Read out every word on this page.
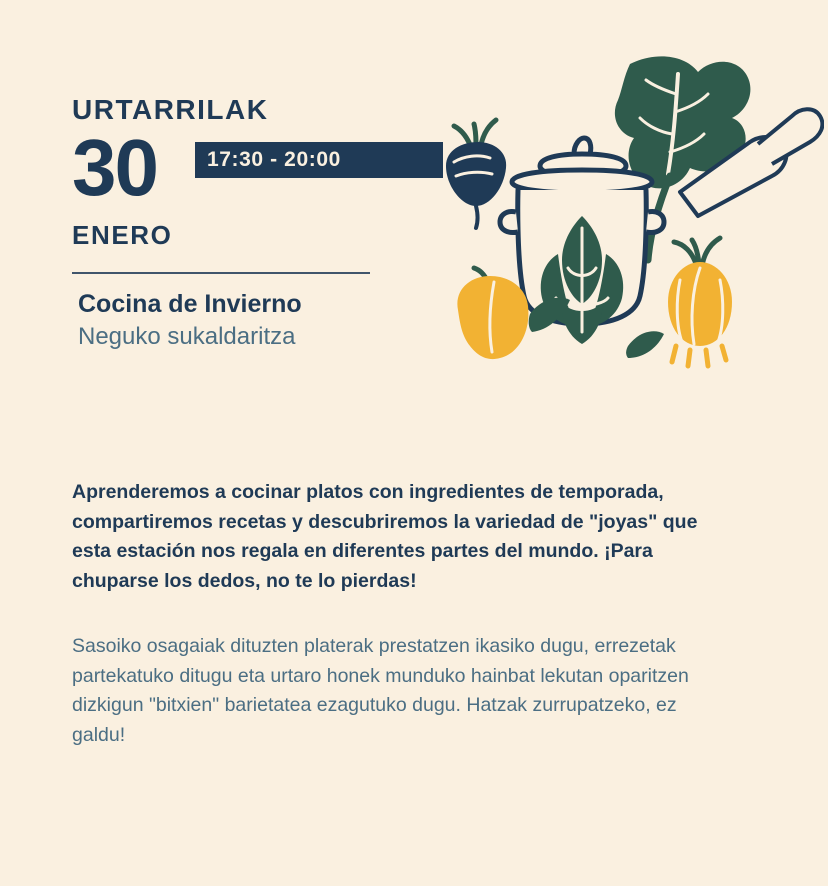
URTARRILAK
30	17:30 - 20:00
ENERO
Cocina de Invierno
Neguko sukaldaritza

Aprenderemos a cocinar platos con ingredientes de temporada, compartiremos recetas y descubriremos la variedad de "joyas" que esta estación nos regala en diferentes partes del mundo. ¡Para chuparse los dedos, no te lo pierdas!

Sasoiko osagaiak dituzten platerak prestatzen ikasiko dugu, errezetak partekatuko ditugu eta urtaro honek munduko hainbat lekutan oparitzen dizkigun "bitxien" barietatea ezagutuko dugu. Hatzak zurrupatzeko, ez galdu!
